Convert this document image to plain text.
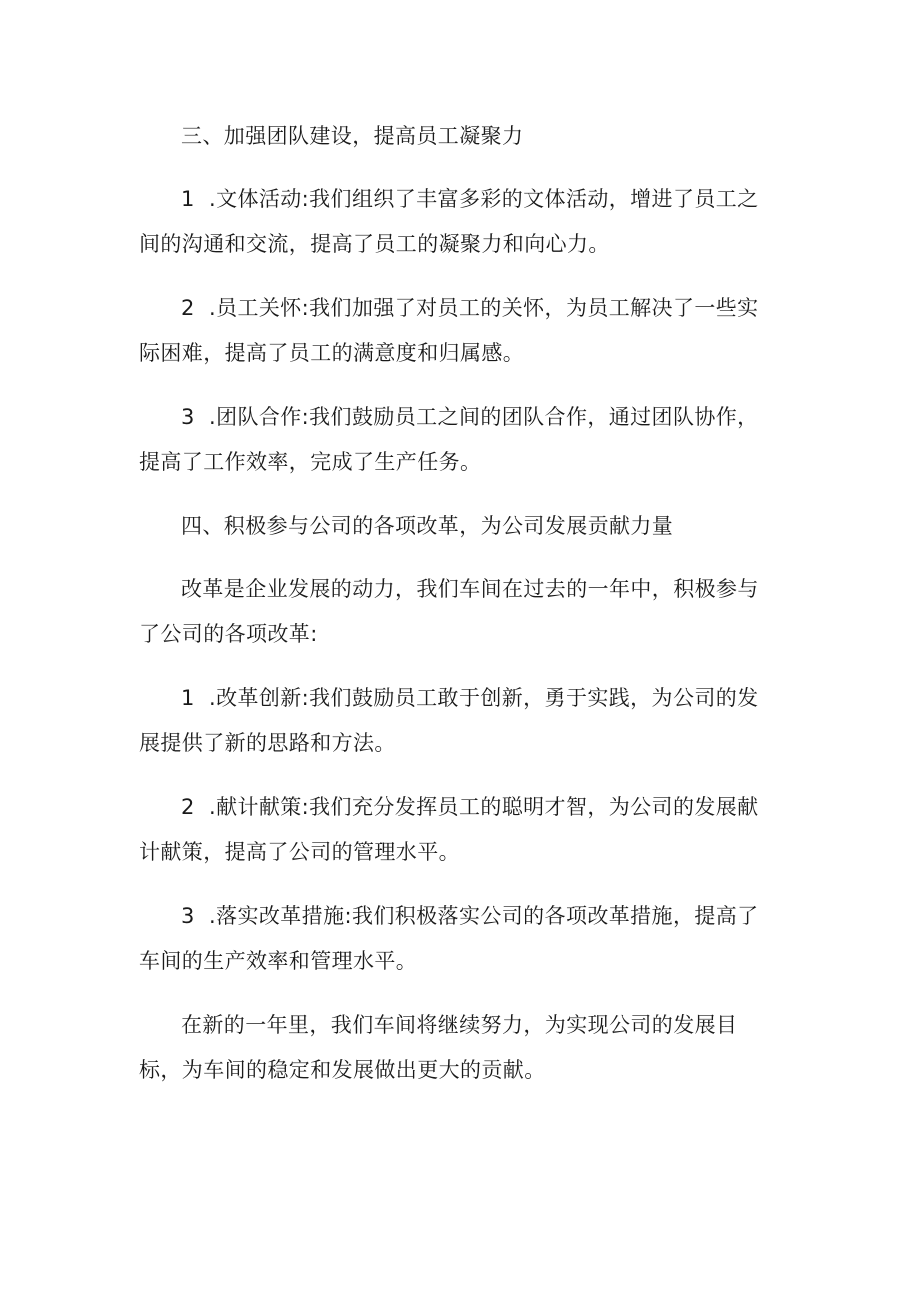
三、加强团队建设，提高员工凝聚力

1 .文体活动:我们组织了丰富多彩的文体活动，增进了员工之间的沟通和交流，提高了员工的凝聚力和向心力。

2 .员工关怀:我们加强了对员工的关怀，为员工解决了一些实际困难，提高了员工的满意度和归属感。

3 .团队合作:我们鼓励员工之间的团队合作，通过团队协作，提高了工作效率，完成了生产任务。

四、积极参与公司的各项改革，为公司发展贡献力量

改革是企业发展的动力，我们车间在过去的一年中，积极参与了公司的各项改革:

1 .改革创新:我们鼓励员工敢于创新，勇于实践，为公司的发展提供了新的思路和方法。

2 .献计献策:我们充分发挥员工的聪明才智，为公司的发展献计献策，提高了公司的管理水平。

3 .落实改革措施:我们积极落实公司的各项改革措施，提高了车间的生产效率和管理水平。

在新的一年里，我们车间将继续努力，为实现公司的发展目标，为车间的稳定和发展做出更大的贡献。
